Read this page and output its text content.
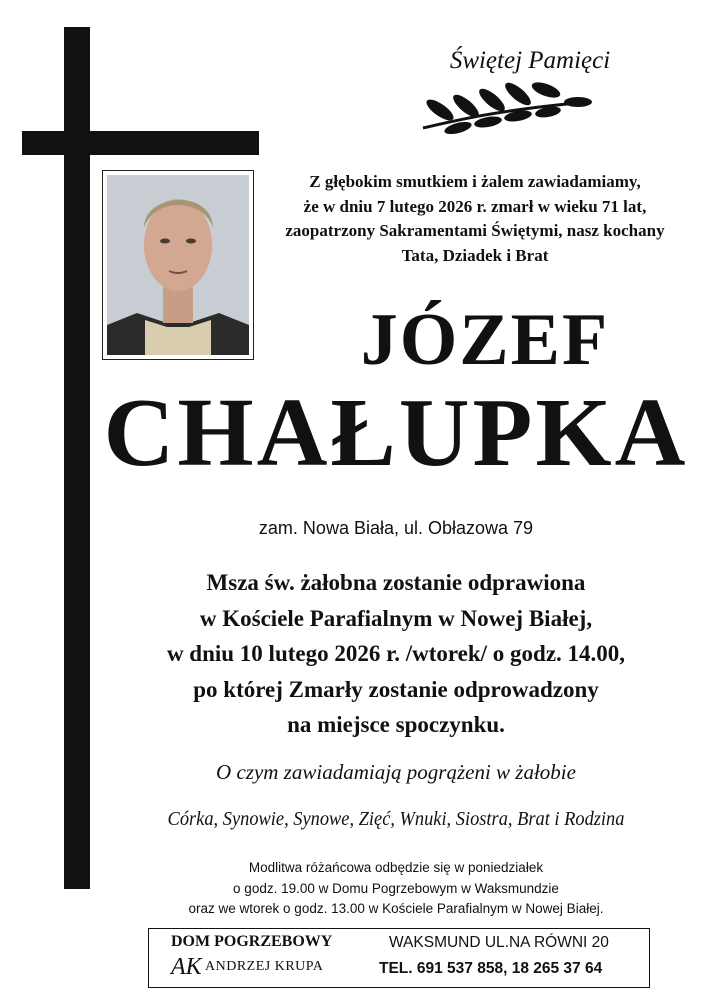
Świętej Pamięci
Z głębokim smutkiem i żalem zawiadamiamy,
że w dniu 7 lutego 2026 r. zmarł w wieku 71 lat,
zaopatrzony Sakramentami Świętymi, nasz kochany
Tata, Dziadek i Brat
JÓZEF
CHAŁUPKA
zam. Nowa Biała, ul. Obłazowa 79
Msza św. żałobna zostanie odprawiona
w Kościele Parafialnym w Nowej Białej,
w dniu 10 lutego 2026 r. /wtorek/ o godz. 14.00,
po której Zmarły zostanie odprowadzony
na miejsce spoczynku.
O czym zawiadamiają pogrążeni w żałobie
Córka, Synowie, Synowe, Zięć, Wnuki, Siostra, Brat i Rodzina
Modlitwa różańcowa odbędzie się w poniedziałek
o godz. 19.00 w Domu Pogrzebowym w Waksmundzie
oraz we wtorek o godz. 13.00 w Kościele Parafialnym w Nowej Białej.
DOM POGRZEBOWY
AK ANDRZEJ KRUPA
WAKSMUND UL.NA RÓWNI 20
TEL. 691 537 858, 18 265 37 64
